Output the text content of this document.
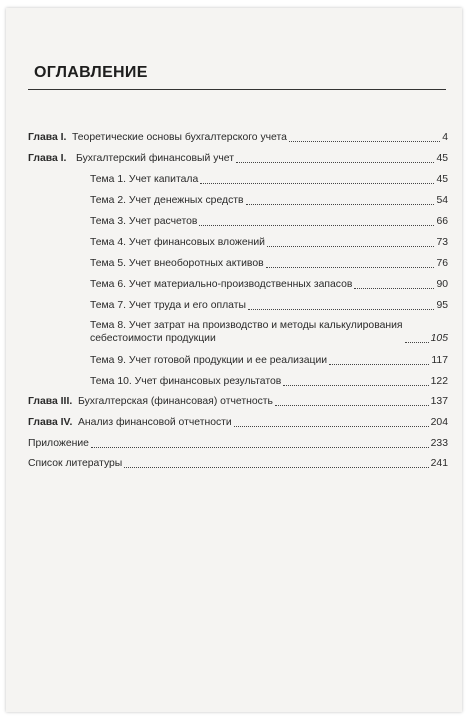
ОГЛАВЛЕНИЕ
Глава I. Теоретические основы бухгалтерского учета	4
Глава I. Бухгалтерский финансовый учет	45
Тема 1. Учет капитала	45
Тема 2. Учет денежных средств	54
Тема 3. Учет расчетов	66
Тема 4. Учет финансовых вложений	73
Тема 5. Учет внеоборотных активов	76
Тема 6. Учет материально-производственных запасов	90
Тема 7. Учет труда и его оплаты	95
Тема 8. Учет затрат на производство и методы калькулирования
себестоимости продукции	105
Тема 9. Учет готовой продукции и ее реализации	117
Тема 10. Учет финансовых результатов	122
Глава III. Бухгалтерская (финансовая) отчетность	137
Глава IV. Анализ финансовой отчетности	204
Приложение	233
Список литературы	241
